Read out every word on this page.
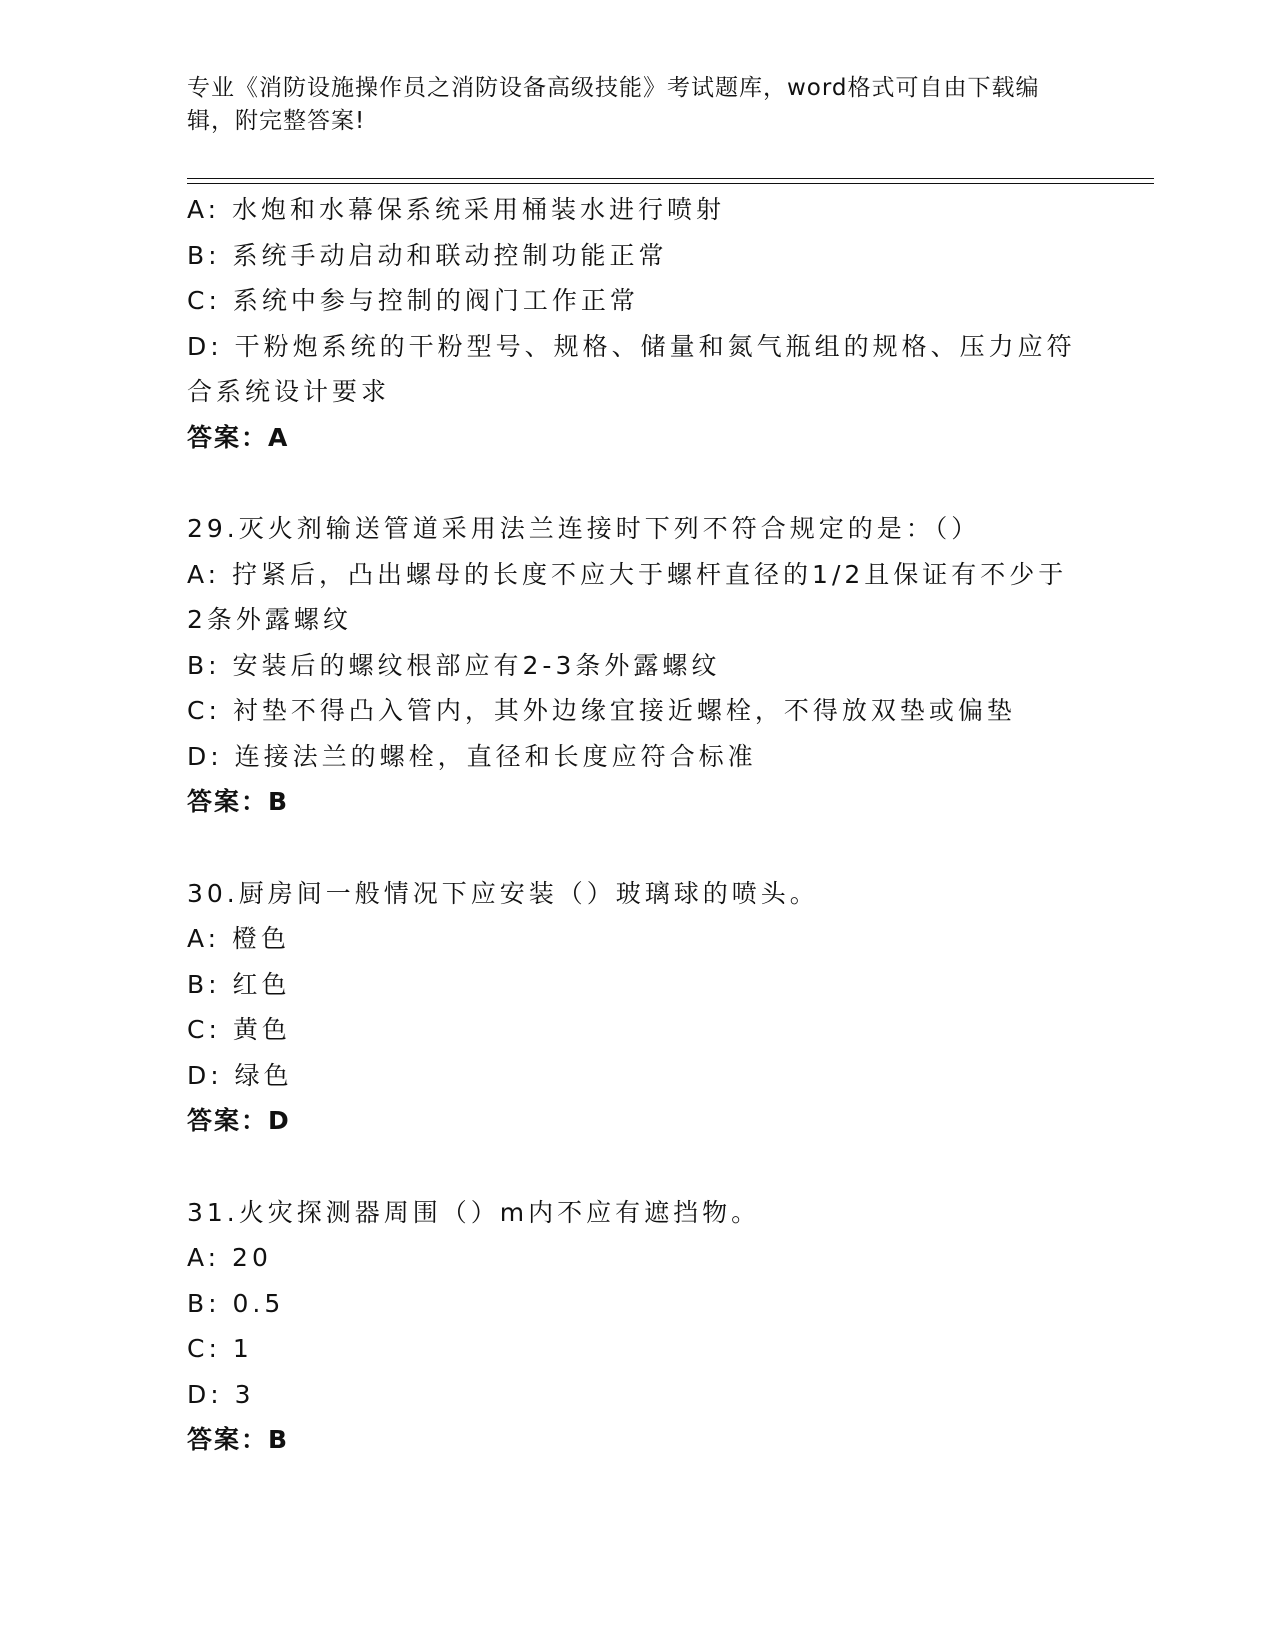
专业《消防设施操作员之消防设备高级技能》考试题库，word格式可自由下载编辑，附完整答案!
A: 水炮和水幕保系统采用桶装水进行喷射
B: 系统手动启动和联动控制功能正常
C: 系统中参与控制的阀门工作正常
D: 干粉炮系统的干粉型号、规格、储量和氮气瓶组的规格、压力应符
合系统设计要求
答案：A
29.灭火剂输送管道采用法兰连接时下列不符合规定的是：（）
A: 拧紧后，凸出螺母的长度不应大于螺杆直径的1/2且保证有不少于
2条外露螺纹
B: 安装后的螺纹根部应有2-3条外露螺纹
C: 衬垫不得凸入管内，其外边缘宜接近螺栓，不得放双垫或偏垫
D: 连接法兰的螺栓，直径和长度应符合标准
答案：B
30.厨房间一般情况下应安装（）玻璃球的喷头。
A: 橙色
B: 红色
C: 黄色
D: 绿色
答案：D
31.火灾探测器周围（）m内不应有遮挡物。
A: 20
B: 0.5
C: 1
D: 3
答案：B
